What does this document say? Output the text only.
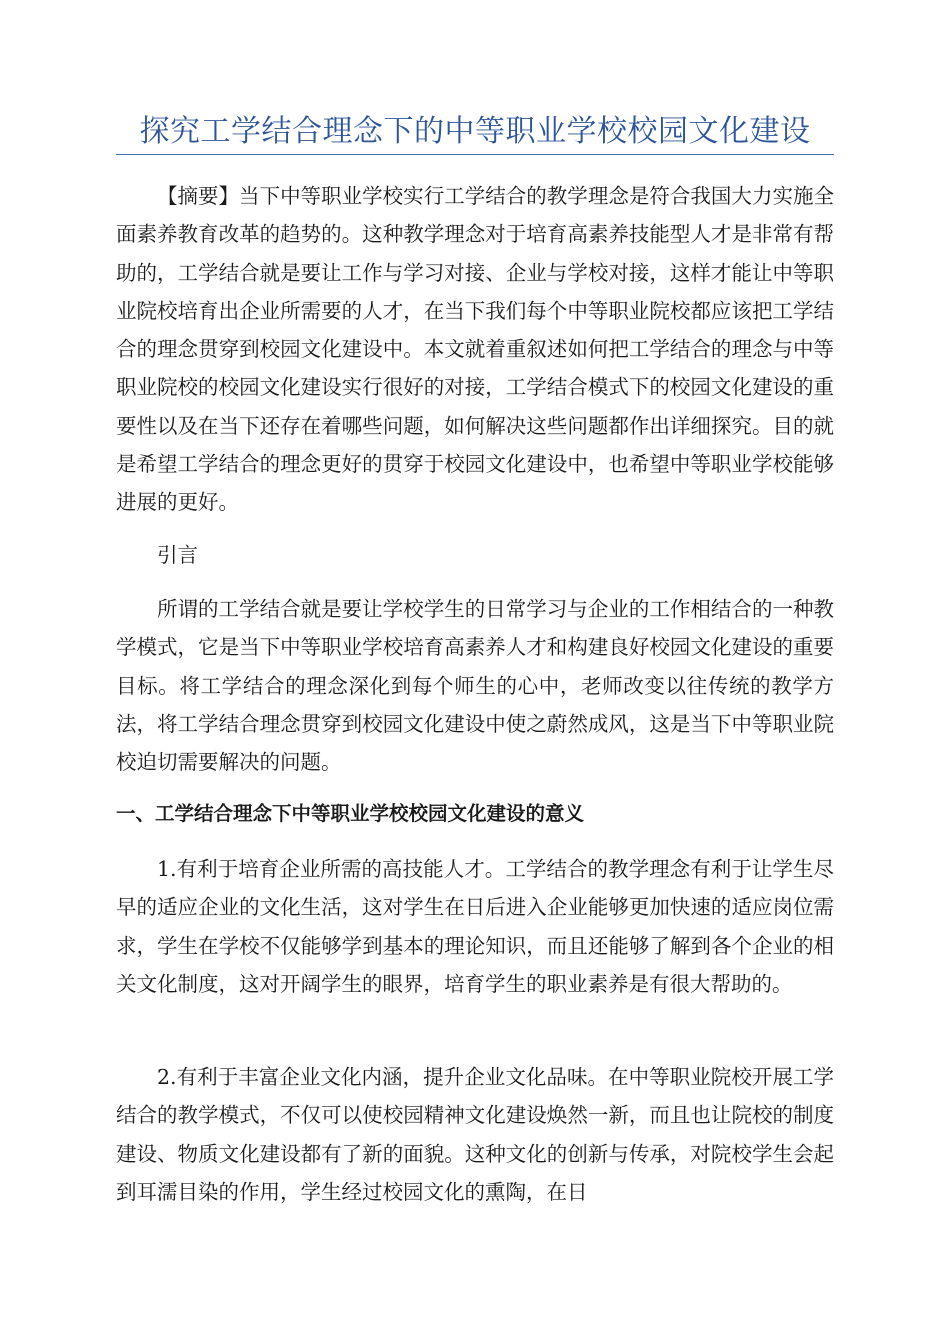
探究工学结合理念下的中等职业学校校园文化建设

【摘要】当下中等职业学校实行工学结合的教学理念是符合我国大力实施全面素养教育改革的趋势的。这种教学理念对于培育高素养技能型人才是非常有帮助的，工学结合就是要让工作与学习对接、企业与学校对接，这样才能让中等职业院校培育出企业所需要的人才，在当下我们每个中等职业院校都应该把工学结合的理念贯穿到校园文化建设中。本文就着重叙述如何把工学结合的理念与中等职业院校的校园文化建设实行很好的对接，工学结合模式下的校园文化建设的重要性以及在当下还存在着哪些问题，如何解决这些问题都作出详细探究。目的就是希望工学结合的理念更好的贯穿于校园文化建设中，也希望中等职业学校能够进展的更好。

引言

所谓的工学结合就是要让学校学生的日常学习与企业的工作相结合的一种教学模式，它是当下中等职业学校培育高素养人才和构建良好校园文化建设的重要目标。将工学结合的理念深化到每个师生的心中，老师改变以往传统的教学方法，将工学结合理念贯穿到校园文化建设中使之蔚然成风，这是当下中等职业院校迫切需要解决的问题。

一、工学结合理念下中等职业学校校园文化建设的意义

1.有利于培育企业所需的高技能人才。工学结合的教学理念有利于让学生尽早的适应企业的文化生活，这对学生在日后进入企业能够更加快速的适应岗位需求，学生在学校不仅能够学到基本的理论知识，而且还能够了解到各个企业的相关文化制度，这对开阔学生的眼界，培育学生的职业素养是有很大帮助的。

2.有利于丰富企业文化内涵，提升企业文化品味。在中等职业院校开展工学结合的教学模式，不仅可以使校园精神文化建设焕然一新，而且也让院校的制度建设、物质文化建设都有了新的面貌。这种文化的创新与传承，对院校学生会起到耳濡目染的作用，学生经过校园文化的熏陶，在日
